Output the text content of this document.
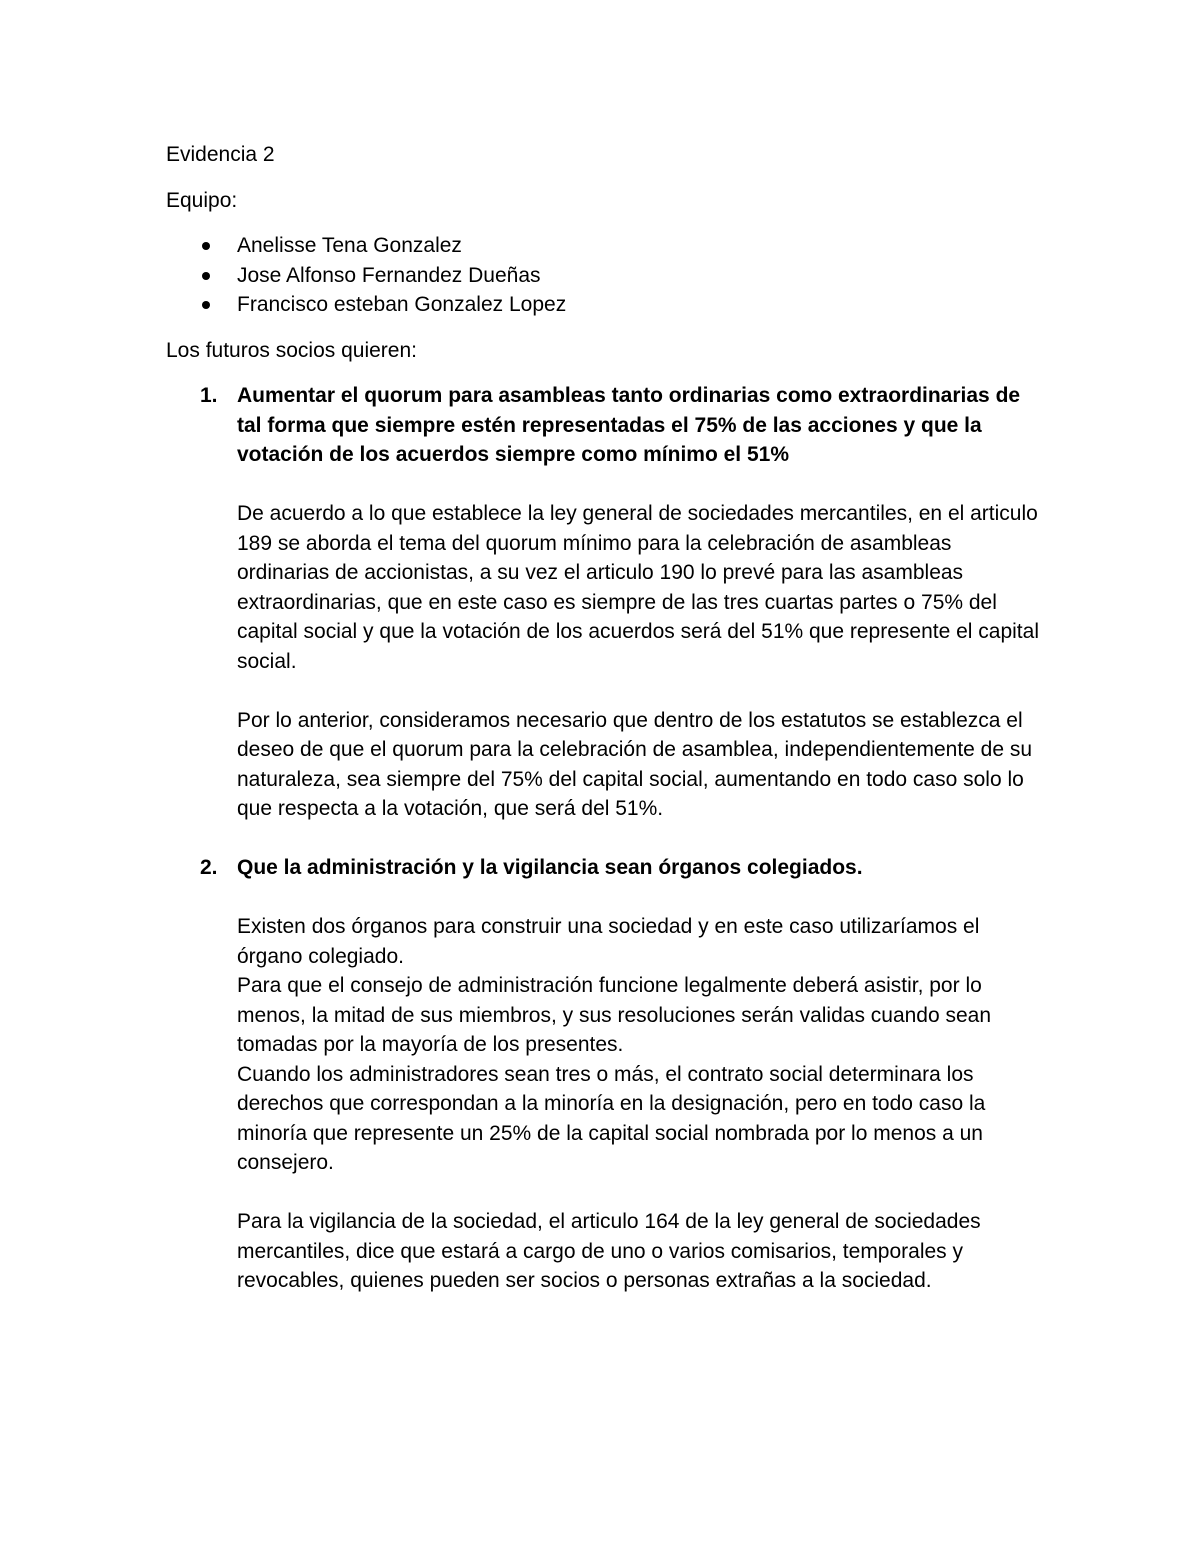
Evidencia 2

Equipo:

Anelisse Tena Gonzalez
Jose Alfonso Fernandez Dueñas
Francisco esteban Gonzalez Lopez

Los futuros socios quieren:

1. Aumentar el quorum para asambleas tanto ordinarias como extraordinarias de tal forma que siempre estén representadas el 75% de las acciones y que la votación de los acuerdos siempre como mínimo el 51%

De acuerdo a lo que establece la ley general de sociedades mercantiles, en el articulo 189 se aborda el tema del quorum mínimo para la celebración de asambleas ordinarias de accionistas, a su vez el articulo 190 lo prevé para las asambleas extraordinarias, que en este caso es siempre de las tres cuartas partes o 75% del capital social y que la votación de los acuerdos será del 51% que represente el capital social.

Por lo anterior, consideramos necesario que dentro de los estatutos se establezca el deseo de que el quorum para la celebración de asamblea, independientemente de su naturaleza, sea siempre del 75% del capital social, aumentando en todo caso solo lo que respecta a la votación, que será del 51%.

2. Que la administración y la vigilancia sean órganos colegiados.

Existen dos órganos para construir una sociedad y en este caso utilizaríamos el órgano colegiado.
Para que el consejo de administración funcione legalmente deberá asistir, por lo menos, la mitad de sus miembros, y sus resoluciones serán validas cuando sean tomadas por la mayoría de los presentes.
Cuando los administradores sean tres o más, el contrato social determinara los derechos que correspondan a la minoría en la designación, pero en todo caso la minoría que represente un 25% de la capital social nombrada por lo menos a un consejero.

Para la vigilancia de la sociedad, el articulo 164 de la ley general de sociedades mercantiles, dice que estará a cargo de uno o varios comisarios, temporales y revocables, quienes pueden ser socios o personas extrañas a la sociedad.
